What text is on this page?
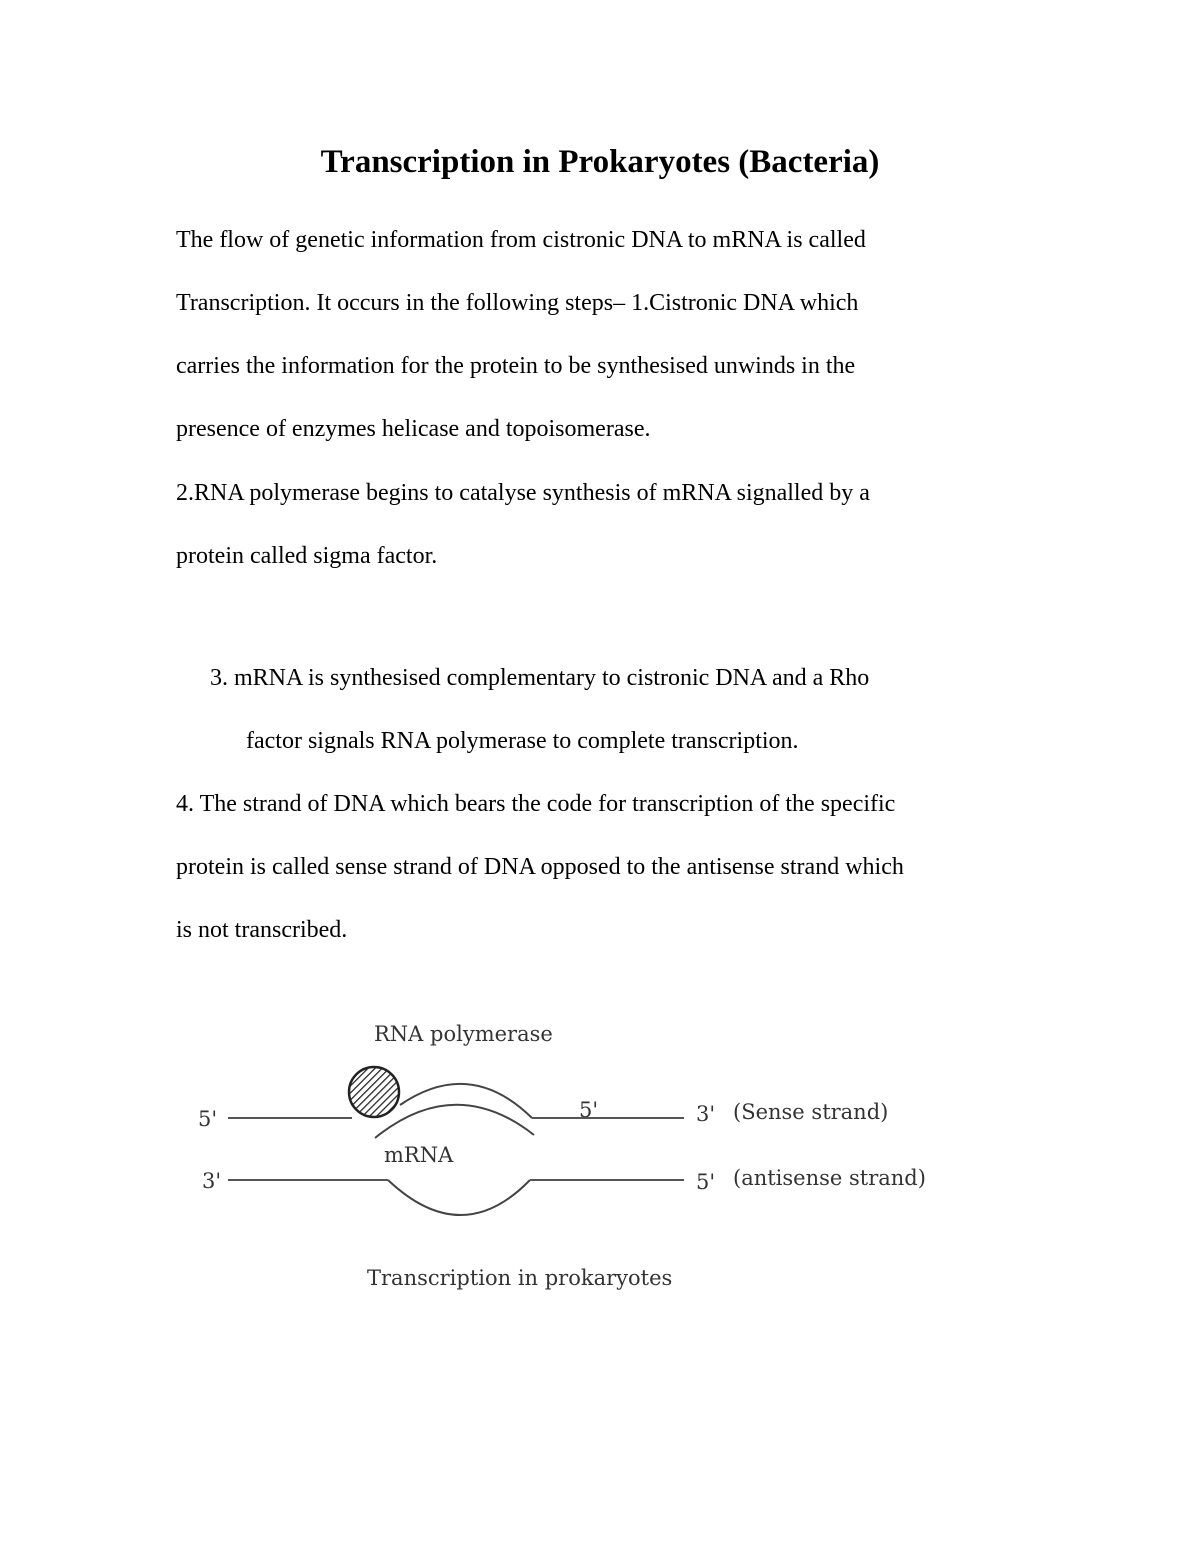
Transcription in Prokaryotes (Bacteria)
The flow of genetic information from cistronic DNA to mRNA is called
Transcription. It occurs in the following steps– 1.Cistronic DNA which
carries the information for the protein to be synthesised unwinds in the
presence of enzymes helicase and topoisomerase.
2.RNA polymerase begins to catalyse synthesis of mRNA signalled by a
protein called sigma factor.
3. mRNA is synthesised complementary to cistronic DNA and a Rho
factor signals RNA polymerase to complete transcription.
4. The strand of DNA which bears the code for transcription of the specific
protein is called sense strand of DNA opposed to the antisense strand which
is not transcribed.
RNA polymerase
5'	5'	3' (Sense strand)
mRNA
3'	5' (antisense strand)
Transcription in prokaryotes
